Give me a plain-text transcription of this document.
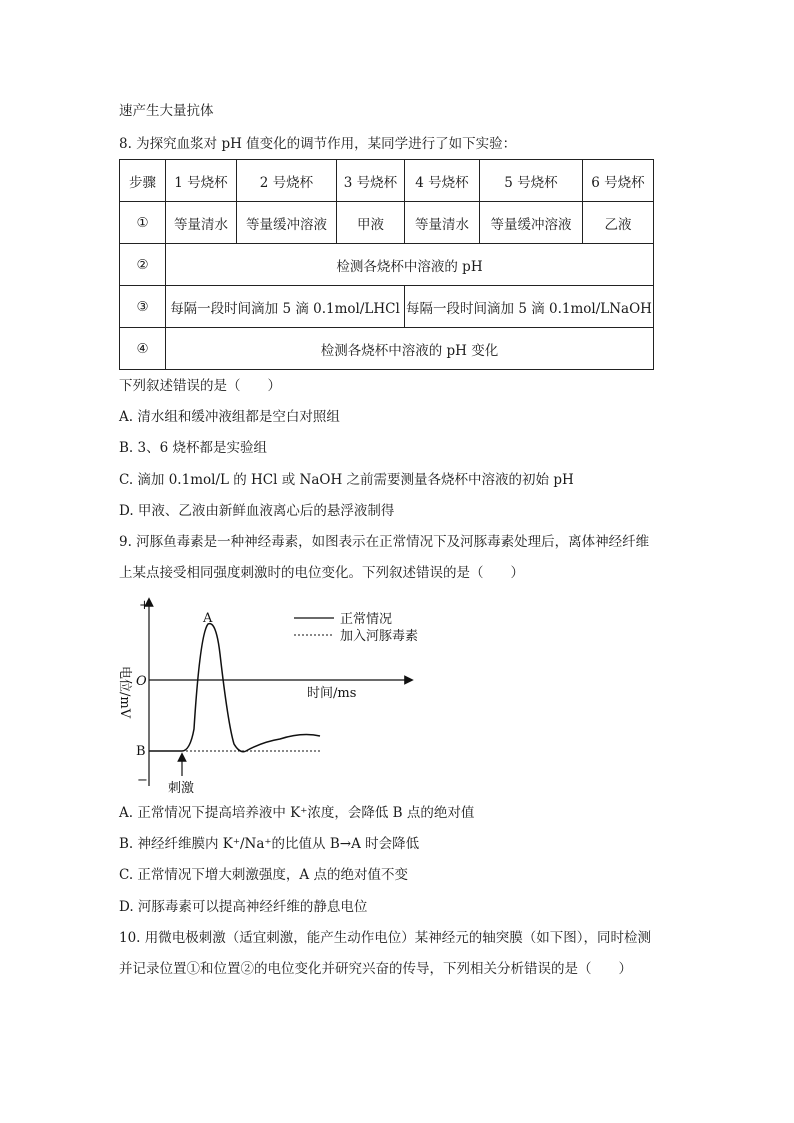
速产生大量抗体
8. 为探究血浆对 pH 值变化的调节作用，某同学进行了如下实验：
步骤	1 号烧杯	2 号烧杯	3 号烧杯	4 号烧杯	5 号烧杯	6 号烧杯
①	等量清水	等量缓冲溶液	甲液	等量清水	等量缓冲溶液	乙液
②	检测各烧杯中溶液的 pH					
③	每隔一段时间滴加 5 滴 0.1mol/LHCl			每隔一段时间滴加 5 滴 0.1mol/LNaOH		
④	检测各烧杯中溶液的 pH 变化					
下列叙述错误的是（　　）
A. 清水组和缓冲液组都是空白对照组
B. 3、6 烧杯都是实验组
C. 滴加 0.1mol/L 的 HCl 或 NaOH 之前需要测量各烧杯中溶液的初始 pH
D. 甲液、乙液由新鲜血液离心后的悬浮液制得
9. 河豚鱼毒素是一种神经毒素，如图表示在正常情况下及河豚毒素处理后，离体神经纤维
上某点接受相同强度刺激时的电位变化。下列叙述错误的是（　　）
+
−
O
A
B
时间/ms
刺激
正常情况
加入河豚毒素
电位/mV
A. 正常情况下提高培养液中 K⁺浓度，会降低 B 点的绝对值
B. 神经纤维膜内 K⁺/Na⁺的比值从 B→A 时会降低
C. 正常情况下增大刺激强度，A 点的绝对值不变
D. 河豚毒素可以提高神经纤维的静息电位
10. 用微电极刺激（适宜刺激，能产生动作电位）某神经元的轴突膜（如下图），同时检测
并记录位置①和位置②的电位变化并研究兴奋的传导，下列相关分析错误的是（　　）
